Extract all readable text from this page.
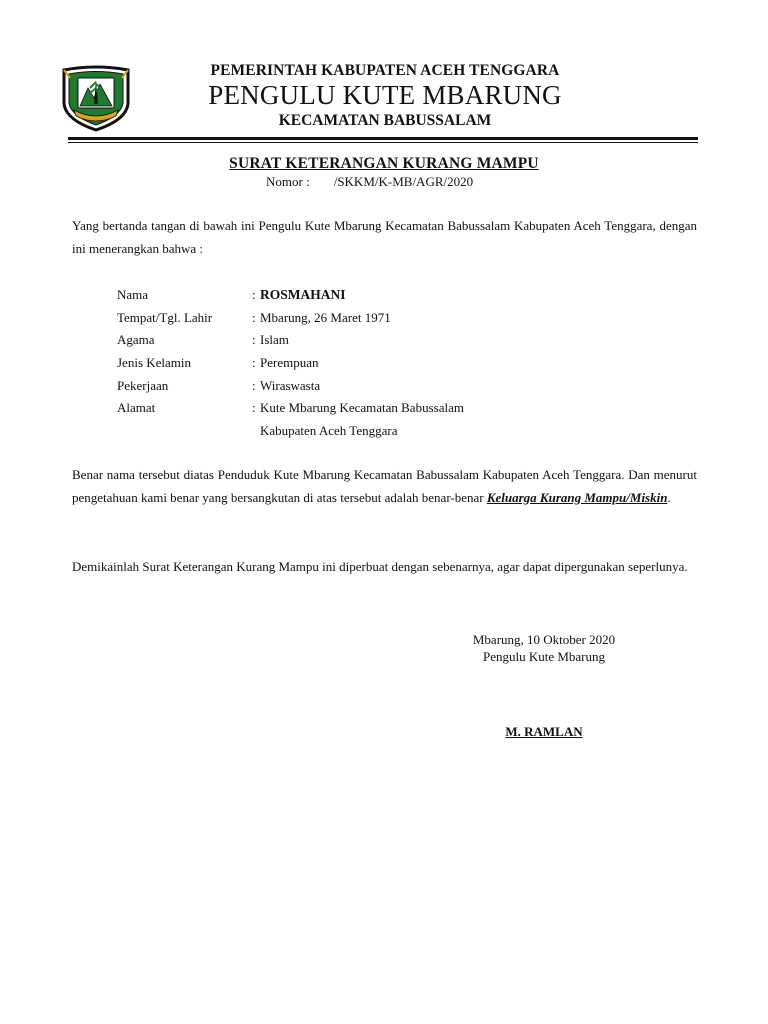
PEMERINTAH KABUPATEN ACEH TENGGARA
PENGULU KUTE MBARUNG
KECAMATAN BABUSSALAM
SURAT KETERANGAN KURANG MAMPU
Nomor : /SKKM/K-MB/AGR/2020
Yang bertanda tangan di bawah ini Pengulu Kute Mbarung Kecamatan Babussalam Kabupaten Aceh Tenggara, dengan ini menerangkan bahwa :
Nama	: ROSMAHANI
Tempat/Tgl. Lahir	: Mbarung, 26 Maret 1971
Agama	: Islam
Jenis Kelamin	: Perempuan
Pekerjaan	: Wiraswasta
Alamat	: Kute Mbarung Kecamatan Babussalam
Kabupaten Aceh Tenggara
Benar nama tersebut diatas Penduduk Kute Mbarung Kecamatan Babussalam Kabupaten Aceh Tenggara. Dan menurut pengetahuan kami benar yang bersangkutan di atas tersebut adalah benar-benar Keluarga Kurang Mampu/Miskin.
Demikainlah Surat Keterangan Kurang Mampu ini diperbuat dengan sebenarnya, agar dapat dipergunakan seperlunya.
Mbarung, 10 Oktober 2020
Pengulu Kute Mbarung
M. RAMLAN
